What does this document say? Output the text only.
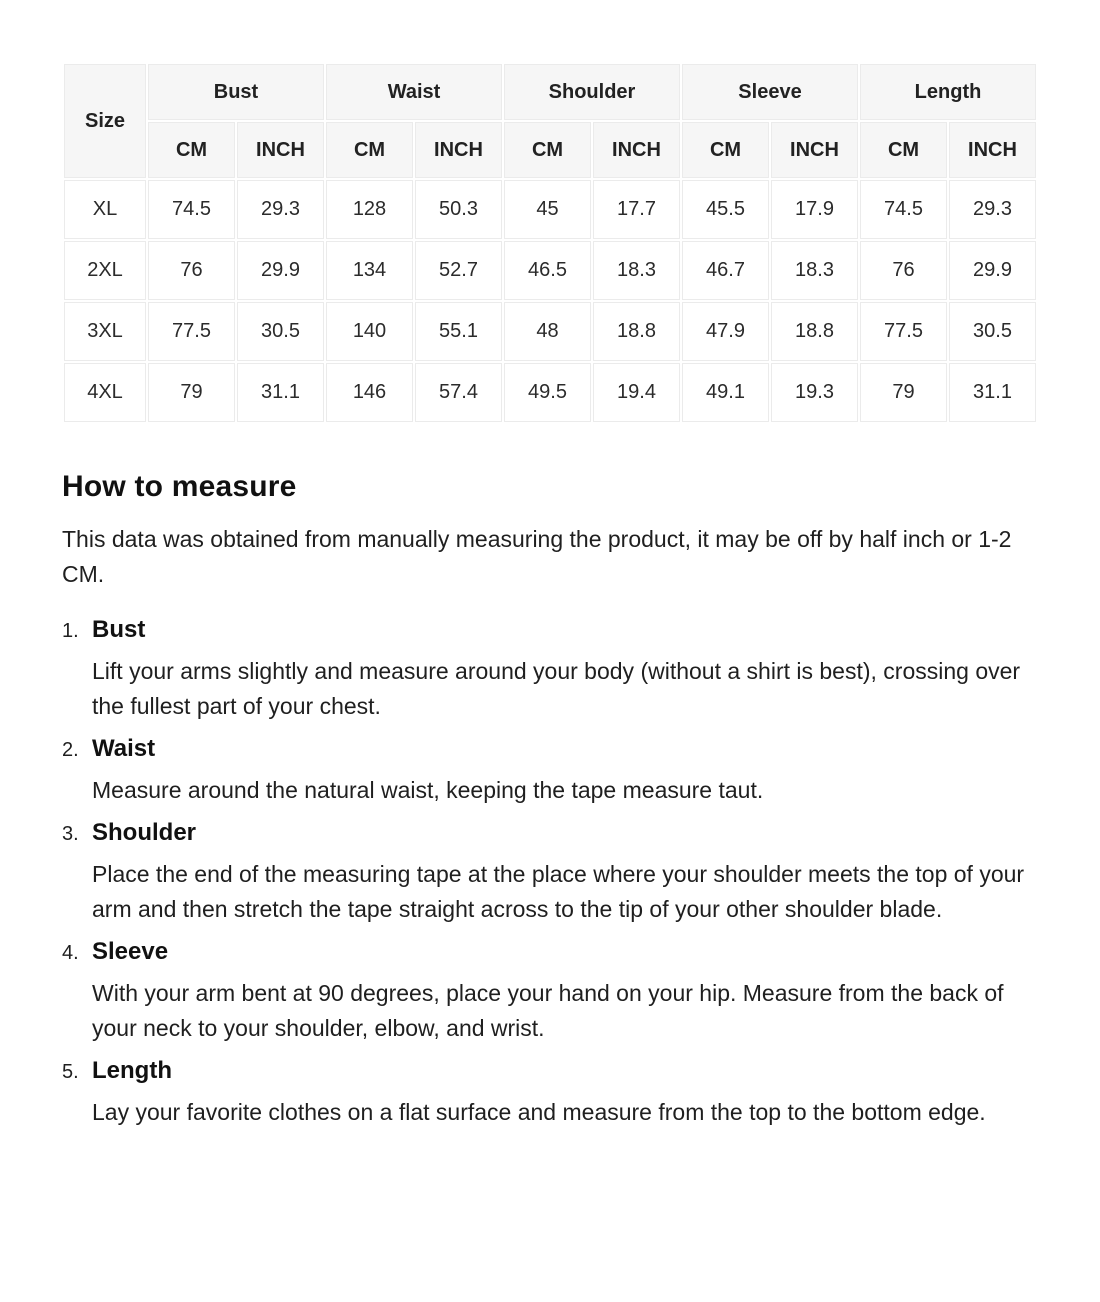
Size	Bust		Waist		Shoulder		Sleeve		Length	
	CM	INCH	CM	INCH	CM	INCH	CM	INCH	CM	INCH
XL	74.5	29.3	128	50.3	45	17.7	45.5	17.9	74.5	29.3
2XL	76	29.9	134	52.7	46.5	18.3	46.7	18.3	76	29.9
3XL	77.5	30.5	140	55.1	48	18.8	47.9	18.8	77.5	30.5
4XL	79	31.1	146	57.4	49.5	19.4	49.1	19.3	79	31.1
How to measure

This data was obtained from manually measuring the product, it may be off by half inch or 1-2 CM.

1. Bust

Lift your arms slightly and measure around your body (without a shirt is best), crossing over the fullest part of your chest.

2. Waist

Measure around the natural waist, keeping the tape measure taut.

3. Shoulder

Place the end of the measuring tape at the place where your shoulder meets the top of your arm and then stretch the tape straight across to the tip of your other shoulder blade.

4. Sleeve

With your arm bent at 90 degrees, place your hand on your hip. Measure from the back of your neck to your shoulder, elbow, and wrist.

5. Length

Lay your favorite clothes on a flat surface and measure from the top to the bottom edge.
